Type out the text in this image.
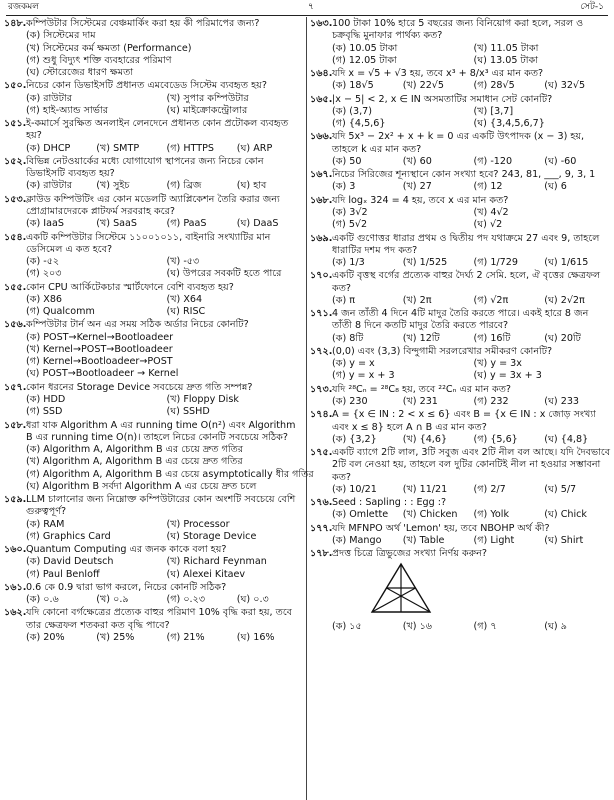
রজকমল	৭	সেট-১
১৪৮. কম্পিউটার সিস্টেমের বেঞ্চমার্কিং করা হয় কী পরিমাপের জন্য?
(ক) সিস্টেমের দাম
(খ) সিস্টেমের কর্ম ক্ষমতা (Performance)
(গ) শুধু বিদ্যুৎ শক্তি ব্যবহারের পরিমাণ
(ঘ) স্টোরেজের ধারণ ক্ষমতা
১৫০. নিচের কোন ডিভাইসটি প্রধানত এমবেডেড সিস্টেম ব্যবহৃত হয়?
(ক) রাউটার	(খ) সুপার কম্পিউটার
(গ) হাই-অ্যান্ড সার্ভার	(ঘ) মাইক্রোকন্ট্রোলার
১৫১. ই-কমার্সে সুরক্ষিত অনলাইন লেনদেনে প্রধানত কোন প্রটোকল ব্যবহৃত হয়?
(ক) DHCP	(খ) SMTP	(গ) HTTPS	(ঘ) ARP
১৫২. বিভিন্ন নেটওয়ার্কের মধ্যে যোগাযোগ স্থাপনের জন্য নিচের কোন ডিভাইসটি ব্যবহৃত হয়?
(ক) রাউটার	(খ) সুইচ	(গ) ব্রিজ	(ঘ) হাব
১৫৩. ক্লাউড কম্পিউটিং এর কোন মডেলটি অ্যাপ্লিকেশন তৈরি করার জন্য প্রোগ্রামারদেরকে প্লাটফর্ম সরবরাহ করে?
(ক) IaaS	(খ) SaaS	(গ) PaaS	(ঘ) DaaS
১৫৪. একটি কম্পিউটার সিস্টেমে ১১০০১০১১, বাইনারি সংখ্যাটির মান ডেসিমেল এ কত হবে?
(ক) -৫২	(খ) -৫৩
(গ) ২০৩	(ঘ) উপরের সবকটি হতে পারে
১৫৫. কোন CPU আর্কিটেকচার স্মার্টফোনে বেশি ব্যবহৃত হয়?
(ক) X86	(খ) X64
(গ) Qualcomm	(ঘ) RISC
১৫৬. কম্পিউটার টার্ন অন এর সময় সঠিক অর্ডার নিচের কোনটি?
(ক) POST→Kernel→Bootloadeer
(খ) Kernel→POST→Bootloadeer
(গ) Kernel→Bootloadeer→POST
(ঘ) POST→Bootloadeer → Kernel
১৫৭. কোন ধরনের Storage Device সবচেয়ে দ্রুত গতি সম্পন্ন?
(ক) HDD	(খ) Floppy Disk
(গ) SSD	(ঘ) SSHD
১৫৮. ধরা যাক Algorithm A এর running time O(n²) এবং Algorithm B এর running time O(n)। তাহলে নিচের কোনটি সবচেয়ে সঠিক?
(ক) Algorithm A, Algorithm B এর চেয়ে দ্রুত গতির
(খ) Algorithm A, Algorithm B এর চেয়ে দ্রুত গতির
(গ) Algorithm A, Algorithm B এর চেয়ে asymptotically ধীর গতির
(ঘ) Algorithm B সর্বদা Algorithm A এর চেয়ে দ্রুত চলে
১৫৯. LLM চালানোর জন্য নিম্নোক্ত কম্পিউটারের কোন অংশটি সবচেয়ে বেশি গুরুত্বপূর্ণ?
(ক) RAM	(খ) Processor
(গ) Graphics Card	(ঘ) Storage Device
১৬০. Quantum Computing এর জনক কাকে বলা হয়?
(ক) David Deutsch	(খ) Richard Feynman
(গ) Paul Benloff	(ঘ) Alexei Kitaev
১৬১. 0.6 কে 0.9 দ্বারা ভাগ করলে, নিচের কোনটি সঠিক?
(ক) ০.৬	(খ) ০.৯	(গ) ০.২৩	(ঘ) ০.৩
১৬২. যদি কোনো বর্গক্ষেত্রের প্রত্যেক বাহুর পরিমাণ 10% বৃদ্ধি করা হয়, তবে তার ক্ষেত্রফল শতকরা কত বৃদ্ধি পাবে?
(ক) 20%	(খ) 25%	(গ) 21%	(ঘ) 16%
১৬৩. 100 টাকা 10% হারে 5 বছরের জন্য বিনিয়োগ করা হলে, সরল ও চক্রবৃদ্ধি মুনাফার পার্থক্য কত?
(ক) 10.05 টাকা	(খ) 11.05 টাকা
(গ) 12.05 টাকা	(ঘ) 13.05 টাকা
১৬৪. যদি x = √5 + √3 হয়, তবে x³ + 8/x³ এর মান কত?
(ক) 18√5	(খ) 22√5	(গ) 28√5	(ঘ) 32√5
১৬৫. |x − 5| < 2, x ∈ IN অসমতাটির সমাধান সেট কোনটি?
(ক) (3,7)	(খ) [3,7]
(গ) {4,5,6}	(ঘ) {3,4,5,6,7}
১৬৬. যদি 5x³ − 2x² + x + k = 0 এর একটি উৎপাদক (x − 3) হয়, তাহলে k এর মান কত?
(ক) 50	(খ) 60	(গ) -120	(ঘ) -60
১৬৭. নিচের সিরিজের শূন্যস্থানে কোন সংখ্যা হবে? 243, 81, ___, 9, 3, 1
(ক) 3	(খ) 27	(গ) 12	(ঘ) 6
১৬৮. যদি logₓ 324 = 4 হয়, তবে x এর মান কত?
(ক) 3√2	(খ) 4√2
(গ) 5√2	(ঘ) √2
১৬৯. একটি গুণোত্তর ধারার প্রথম ও দ্বিতীয় পদ যথাক্রমে 27 এবং 9, তাহলে ধারাটির দশম পদ কত?
(ক) 1/3	(খ) 1/525	(গ) 1/729	(ঘ) 1/615
১৭০. একটি বৃত্তস্থ বর্গের প্রত্যেক বাহুর দৈর্ঘ্য 2 সেমি. হলে, ঐ বৃত্তের ক্ষেত্রফল কত?
(ক) π	(খ) 2π	(গ) √2π	(ঘ) 2√2π
১৭১. 4 জন তাঁতী 4 দিনে 4টি মাদুর তৈরি করতে পারে। একই হারে 8 জন তাঁতী 8 দিনে কতটি মাদুর তৈরি করতে পারবে?
(ক) 8টি	(খ) 12টি	(গ) 16টি	(ঘ) 20টি
১৭২. (0,0) এবং (3,3) বিন্দুগামী সরলরেখার সমীকরণ কোনটি?
(ক) y = x	(খ) y = 3x
(গ) y = x + 3	(ঘ) y = 3x + 3
১৭৩. যদি ²⁸Cₙ = ²⁸C₈ হয়, তবে ²²Cₙ এর মান কত?
(ক) 230	(খ) 231	(গ) 232	(ঘ) 233
১৭৪. A = {x ∈ IN : 2 < x ≤ 6} এবং B = {x ∈ IN : x জোড় সংখ্যা এবং x ≤ 8} হলে A ∩ B এর মান কত?
(ক) {3,2}	(খ) {4,6}	(গ) {5,6}	(ঘ) {4,8}
১৭৫. একটি ব্যাগে 2টি লাল, 3টি সবুজ এবং 2টি নীল বল আছে। যদি দৈবভাবে 2টি বল নেওয়া হয়, তাহলে বল দুটির কোনটিই নীল না হওয়ার সম্ভাবনা কত?
(ক) 10/21	(খ) 11/21	(গ) 2/7	(ঘ) 5/7
১৭৬. Seed : Sapling : : Egg :?
(ক) Omlette	(খ) Chicken	(গ) Yolk	(ঘ) Chick
১৭৭. যদি MFNPO অর্থ 'Lemon' হয়, তবে NBOHP অর্থ কী?
(ক) Mango	(খ) Table	(গ) Light	(ঘ) Shirt
১৭৮. প্রদত্ত চিত্রে ত্রিভুজের সংখ্যা নির্ণয় করুন?
(ক) ১৫	(খ) ১৬	(গ) ৭	(ঘ) ৯
